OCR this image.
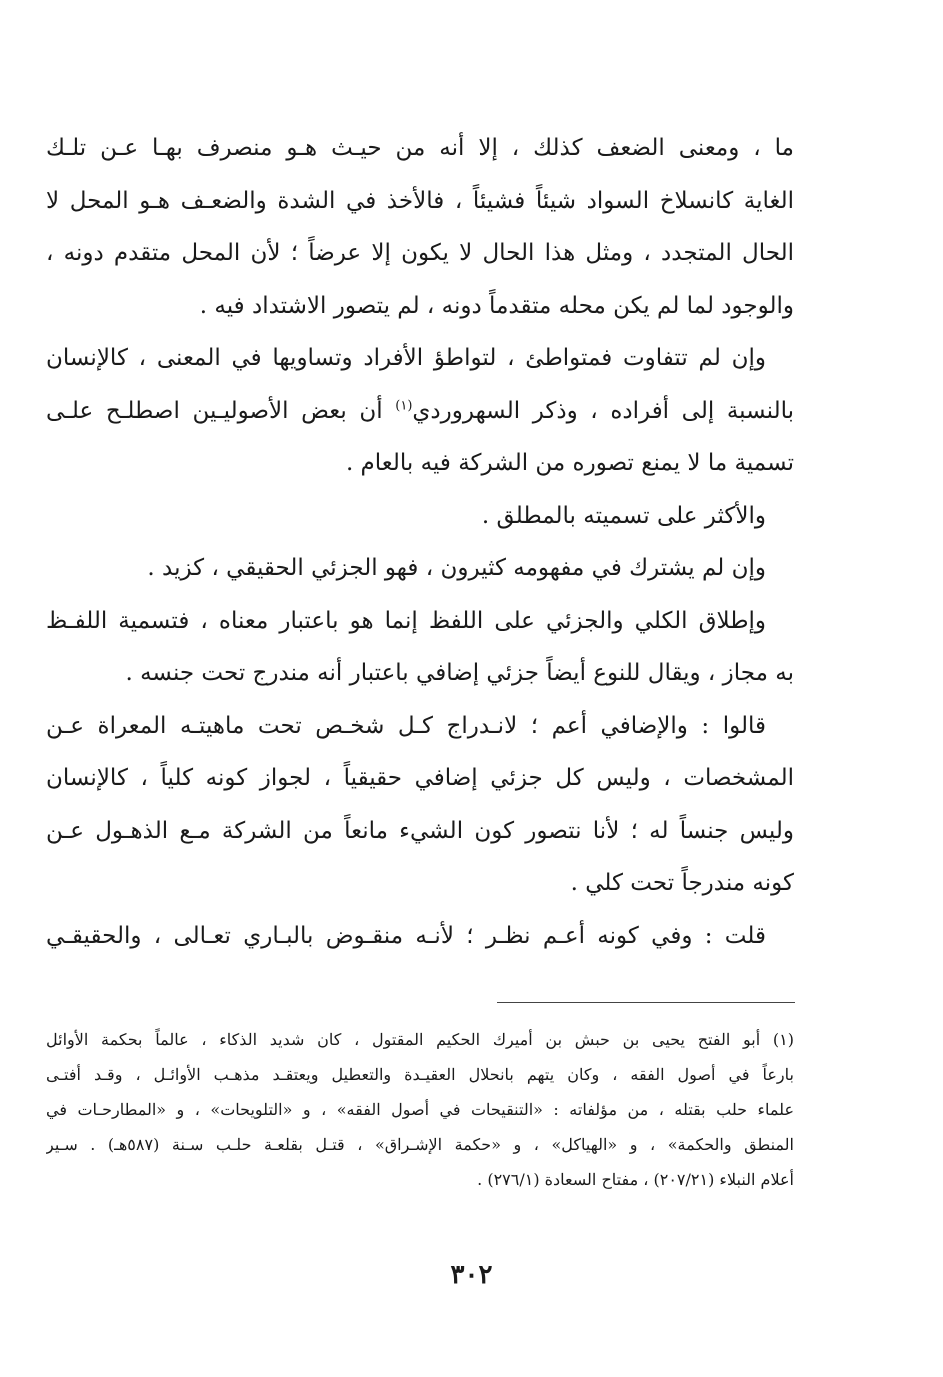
ما ، ومعنى الضعف كذلك ، إلا أنه من حيـث هـو منصرف بهـا عـن تلـك
الغاية كانسلاخ السواد شيئاً فشيئاً ، فالأخذ في الشدة والضعـف هـو المحل لا
الحال المتجدد ، ومثل هذا الحال لا يكون إلا عرضاً ؛ لأن المحل متقدم دونه ،
والوجود لما لم يكن محله متقدماً دونه ، لم يتصور الاشتداد فيه .
وإن لم تتفاوت فمتواطئ ، لتواطؤ الأفراد وتساويها في المعنى ، كالإنسان
بالنسبة إلى أفراده ، وذكر السهروردي$^{(١)}$ أن بعض الأصوليـين اصطلـح علـى
تسمية ما لا يمنع تصوره من الشركة فيه بالعام .
والأكثر على تسميته بالمطلق .
وإن لم يشترك في مفهومه كثيرون ، فهو الجزئي الحقيقي ، كزيد .
وإطلاق الكلي والجزئي على اللفظ إنما هو باعتبار معناه ، فتسمية اللفـظ
به مجاز ، ويقال للنوع أيضاً جزئي إضافي باعتبار أنه مندرج تحت جنسه .
قالوا : والإضافي أعم ؛ لانـدراج كـل شخـص تحت ماهيتـه المعراة عـن
المشخصات ، وليس كل جزئي إضافي حقيقياً ، لجواز كونه كلياً ، كالإنسان
وليس جنساً له ؛ لأنا نتصور كون الشيء مانعاً من الشركة مـع الذهـول عـن
كونه مندرجاً تحت كلي .
قلت : وفي كونه أعـم نظـر ؛ لأنـه منقـوض بالبـاري تعـالى ، والحقيقـي
(١) أبو الفتح يحيى بن حبش بن أميرك الحكيم المقتول ، كان شديد الذكاء ، عالماً بحكمة الأوائل
بارعاً في أصول الفقه ، وكان يتهم بانحلال العقيـدة والتعطيل ويعتقـد مذهـب الأوائـل ، وقـد أفتـى
علماء حلب بقتله ، من مؤلفاته : «التنقيحات في أصول الفقه» ، و «التلويحات» ، و «المطارحـات في
المنطق والحكمة» ، و «الهياكل» ، و «حكمة الإشـراق» ، قتـل بقلعـة حلـب سـنة (٥٨٧هـ) . سـير
أعلام النبلاء (٢٠٧/٢١) ، مفتاح السعادة (٢٧٦/١) .
٣٠٢
